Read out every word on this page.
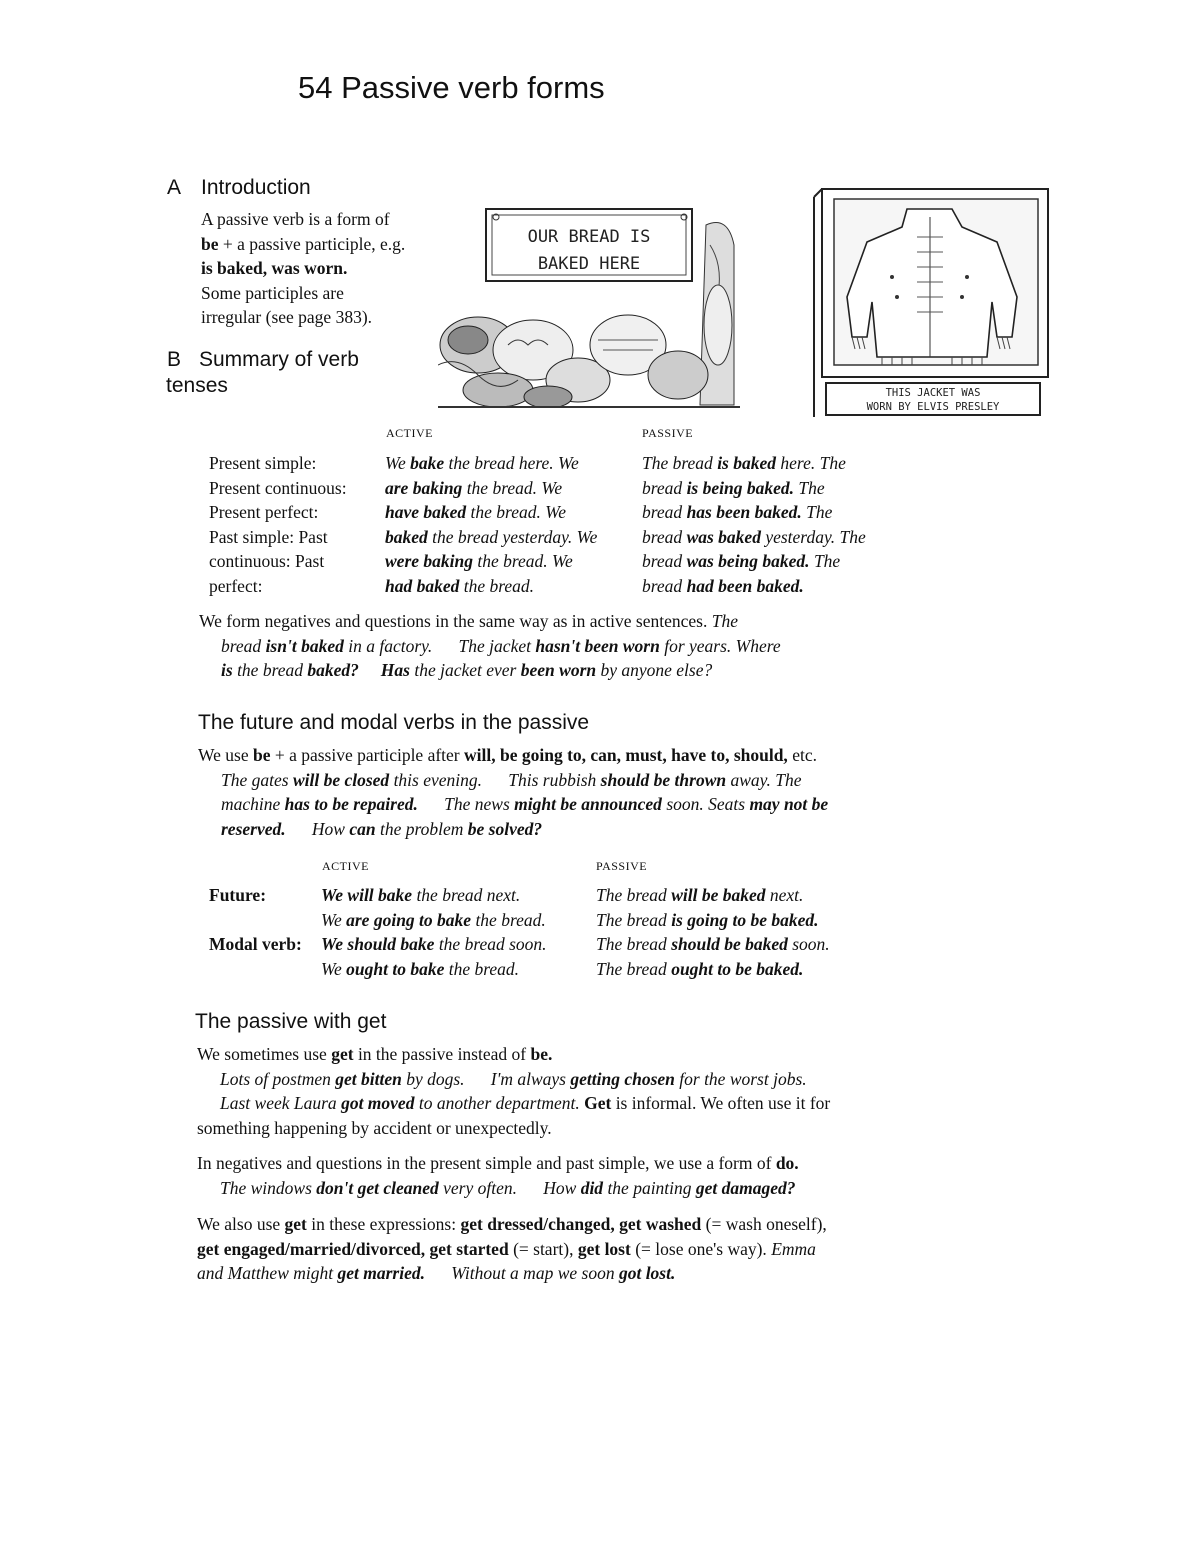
54 Passive verb forms
A Introduction
A passive verb is a form of
be + a passive participle, e.g.
is baked, was worn.
Some participles are
irregular (see page 383).
B Summary of verb
tenses
OUR BREAD IS
BAKED HERE
THIS JACKET WAS
WORN BY ELVIS PRESLEY
ACTIVE	PASSIVE
Present simple:
Present continuous:
Present perfect:
Past simple: Past
continuous: Past
perfect:
We bake the bread here. We
are baking the bread. We
have baked the bread. We
baked the bread yesterday. We
were baking the bread. We
had baked the bread.
The bread is baked here. The
bread is being baked. The
bread has been baked. The
bread was baked yesterday. The
bread was being baked. The
bread had been baked.
We form negatives and questions in the same way as in active sentences. The
bread isn't baked in a factory.      The jacket hasn't been worn for years. Where
is the bread baked? Has the jacket ever been worn by anyone else?
The future and modal verbs in the passive
We use be + a passive participle after will, be going to, can, must, have to, should, etc.
The gates will be closed this evening.      This rubbish should be thrown away. The
machine has to be repaired.      The news might be announced soon. Seats may not be
reserved.      How can the problem be solved?
ACTIVE	PASSIVE
Future:
Modal verb:
We will bake the bread next.
We are going to bake the bread.
We should bake the bread soon.
We ought to bake the bread.
The bread will be baked next.
The bread is going to be baked.
The bread should be baked soon.
The bread ought to be baked.
The passive with get
We sometimes use get in the passive instead of be.
Lots of postmen get bitten by dogs.      I'm always getting chosen for the worst jobs.
Last week Laura got moved to another department. Get is informal. We often use it for
something happening by accident or unexpectedly.
In negatives and questions in the present simple and past simple, we use a form of do.
The windows don't get cleaned very often.      How did the painting get damaged?
We also use get in these expressions: get dressed/changed, get washed (= wash oneself),
get engaged/married/divorced, get started (= start), get lost (= lose one's way). Emma
and Matthew might get married.      Without a map we soon got lost.
